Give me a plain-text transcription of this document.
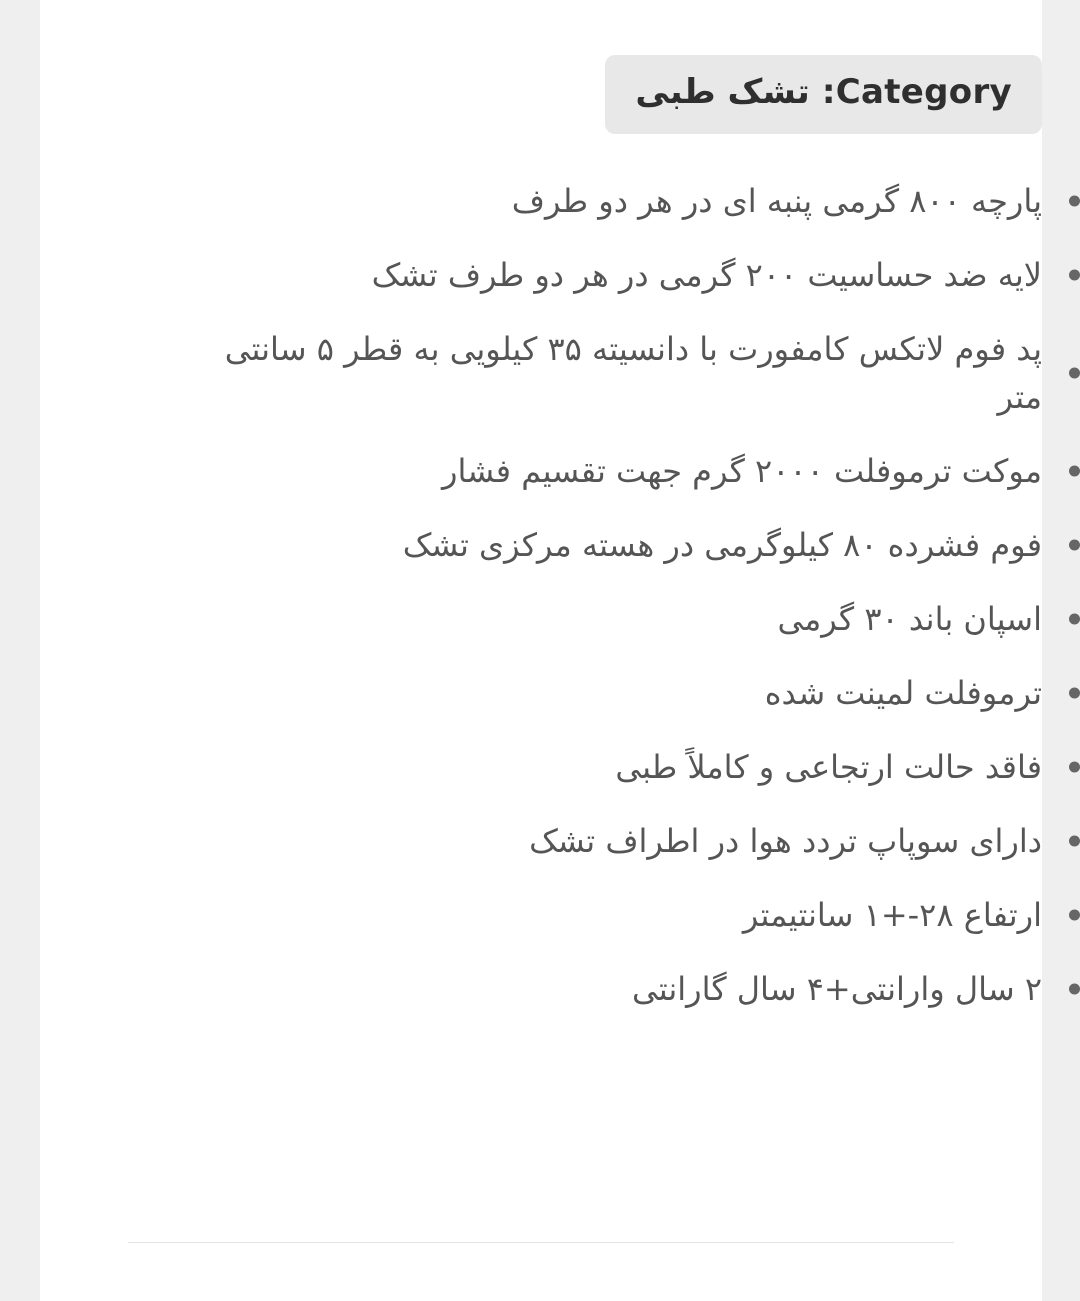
Category: تشک طبی
پارچه ۸۰۰ گرمی پنبه ای در هر دو طرف
لایه ضد حساسیت ۲۰۰ گرمی در هر دو طرف تشک
پد فوم لاتکس کامفورت با دانسیته ۳۵ کیلویی به قطر ۵ سانتی متر
موکت ترموفلت ۲۰۰۰ گرم جهت تقسیم فشار
فوم فشرده ۸۰ کیلوگرمی در هسته مرکزی تشک
اسپان باند ۳۰ گرمی
ترموفلت لمینت شده
فاقد حالت ارتجاعی و کاملاً طبی
دارای سوپاپ تردد هوا در اطراف تشک
ارتفاع ۲۸-+۱ سانتیمتر
۲ سال وارانتی+۴ سال گارانتی
